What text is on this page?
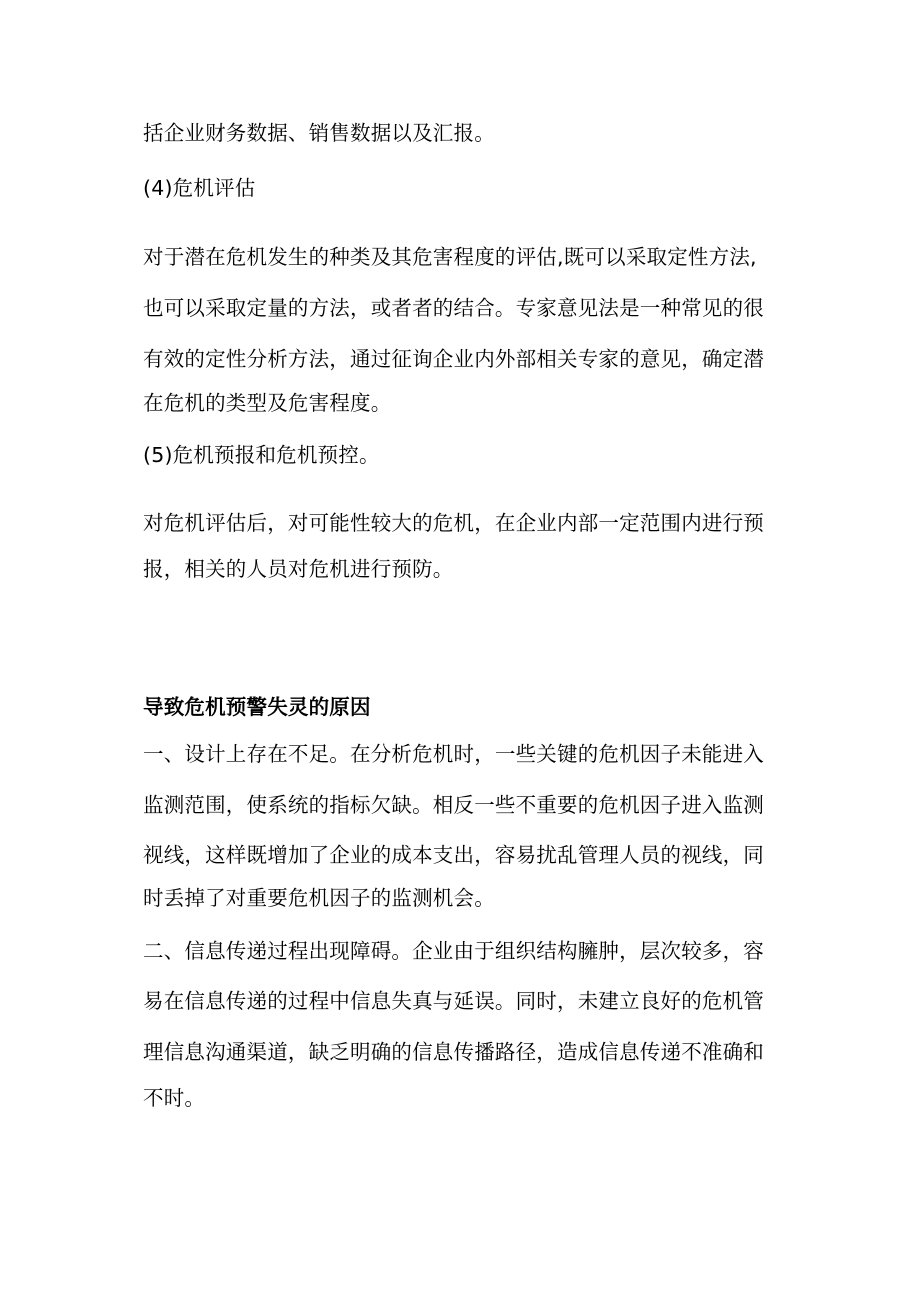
括企业财务数据、销售数据以及汇报。
(4)危机评估
对于潜在危机发生的种类及其危害程度的评估,既可以采取定性方法,
也可以采取定量的方法，或者者的结合。专家意见法是一种常见的很
有效的定性分析方法，通过征询企业内外部相关专家的意见，确定潜
在危机的类型及危害程度。
(5)危机预报和危机预控。
对危机评估后，对可能性较大的危机，在企业内部一定范围内进行预
报，相关的人员对危机进行预防。
导致危机预警失灵的原因
一、设计上存在不足。在分析危机时，一些关键的危机因子未能进入
监测范围，使系统的指标欠缺。相反一些不重要的危机因子进入监测
视线，这样既增加了企业的成本支出，容易扰乱管理人员的视线，同
时丢掉了对重要危机因子的监测机会。
二、信息传递过程出现障碍。企业由于组织结构臃肿，层次较多，容
易在信息传递的过程中信息失真与延误。同时，未建立良好的危机管
理信息沟通渠道，缺乏明确的信息传播路径，造成信息传递不准确和
不时。
